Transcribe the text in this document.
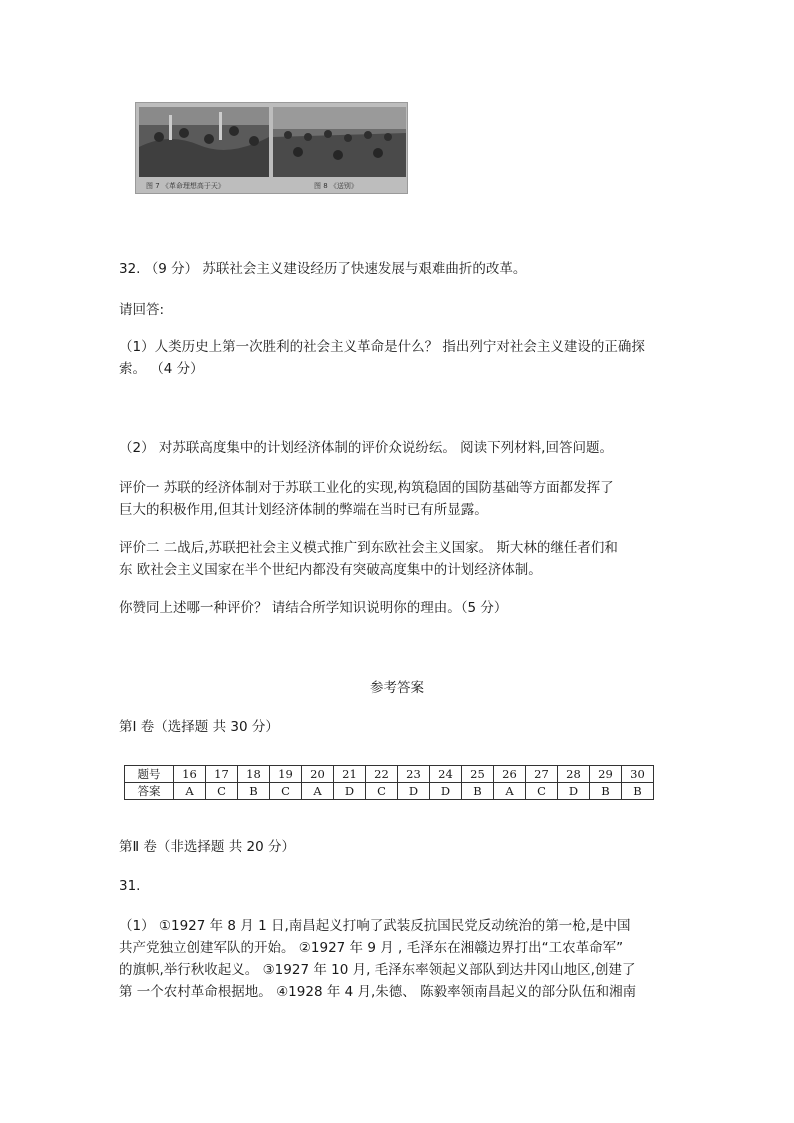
图 7 《革命理想高于天》	图 8 《送别》
32. （9 分） 苏联社会主义建设经历了快速发展与艰难曲折的改革。
请回答:
（1）人类历史上第一次胜利的社会主义革命是什么？ 指出列宁对社会主义建设的正确探
索。 （4 分）
（2） 对苏联高度集中的计划经济体制的评价众说纷纭。 阅读下列材料,回答问题。
评价一 苏联的经济体制对于苏联工业化的实现,构筑稳固的国防基础等方面都发挥了
巨大的积极作用,但其计划经济体制的弊端在当时已有所显露。
评价二 二战后,苏联把社会主义模式推广到东欧社会主义国家。 斯大林的继任者们和
东 欧社会主义国家在半个世纪内都没有突破高度集中的计划经济体制。
你赞同上述哪一种评价？ 请结合所学知识说明你的理由。（5 分）
参考答案
第Ⅰ 卷（选择题 共 30 分）
题号	16	17	18	19	20	21	22	23	24	25	26	27	28	29	30
答案	A	C	B	C	A	D	C	D	D	B	A	C	D	B	B
第Ⅱ 卷（非选择题 共 20 分）
31.
（1） ①1927 年 8 月 1 日,南昌起义打响了武装反抗国民党反动统治的第一枪,是中国
共产党独立创建军队的开始。 ②1927 年 9 月 , 毛泽东在湘赣边界打出“工农革命军”
的旗帜,举行秋收起义。 ③1927 年 10 月, 毛泽东率领起义部队到达井冈山地区,创建了
第 一个农村革命根据地。 ④1928 年 4 月,朱德、 陈毅率领南昌起义的部分队伍和湘南
